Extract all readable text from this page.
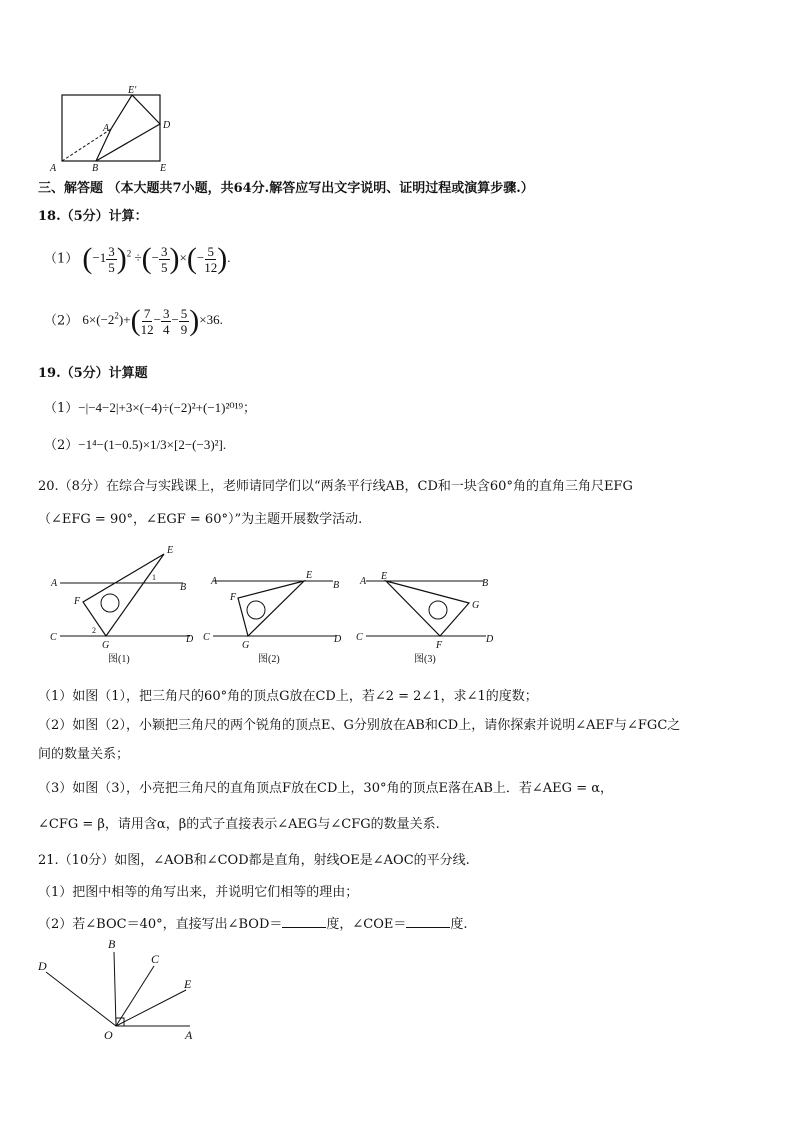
A	B	E
E'
D
A
三、解答题 （本大题共7小题，共64分.解答应写出文字说明、证明过程或演算步骤.）
18.（5分）计算：
（1） $(-1 \frac{3}{5} )^2$ ÷(− $\frac{3}{5}$ )×(− $\frac{5}{12}$ ).
（2） $6\times(-2^2)+( \frac{7}{12} - \frac{3}{4} - \frac{5}{9} )\times 36$.
19.（5分）计算题
（1）−|−4−2|+3×(−4)÷(−2)²+(−1)²⁰¹⁹；
（2）−1⁴−(1−0.5)×1/3×[2−(−3)²].
20.（8分）在综合与实践课上，老师请同学们以“两条平行线AB，CD和一块含60°角的直角三角尺EFG
（∠EFG = 90°，∠EGF = 60°）”为主题开展数学活动.
A	B
C	D
E
F
G
1
2
图(1)
A	B
C	D
E
F
G
图(2)
A	B
C	D
E
G
F
图(3)
（1）如图（1），把三角尺的60°角的顶点G放在CD上，若∠2 = 2∠1，求∠1的度数；
（2）如图（2），小颖把三角尺的两个锐角的顶点E、G分别放在AB和CD上，请你探索并说明∠AEF与∠FGC之
间的数量关系；
（3）如图（3），小亮把三角尺的直角顶点F放在CD上，30°角的顶点E落在AB上．若∠AEG = α，
∠CFG = β，请用含α，β的式子直接表示∠AEG与∠CFG的数量关系.
21.（10分）如图，∠AOB和∠COD都是直角，射线OE是∠AOC的平分线.
（1）把图中相等的角写出来，并说明它们相等的理由；
（2）若∠BOC＝40°，直接写出∠BOD＝	度，∠COE＝	度.
B
D	C
E
A
O
